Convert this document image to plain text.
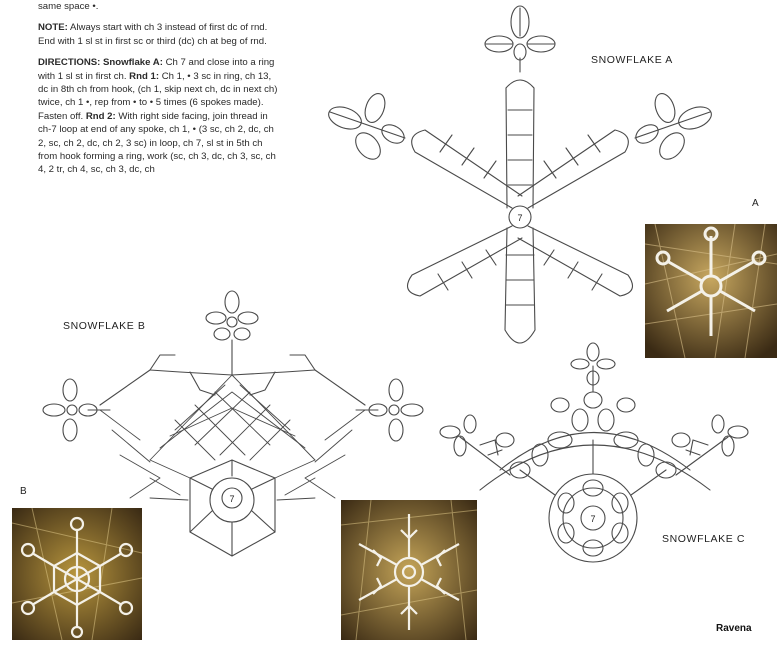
same space •.

NOTE: Always start with ch 3 instead of first dc of rnd. End with 1 sl st in first sc or third (dc) ch at beg of rnd.

DIRECTIONS: Snowflake A: Ch 7 and close into a ring with 1 sl st in first ch. Rnd 1: Ch 1, • 3 sc in ring, ch 13, dc in 8th ch from hook, (ch 1, skip next ch, dc in next ch) twice, ch 1 •, rep from • to • 5 times (6 spokes made). Fasten off. Rnd 2: With right side facing, join thread in ch-7 loop at end of any spoke, ch 1, • (3 sc, ch 2, dc, ch 2, sc, ch 2, dc, ch 2, 3 sc) in loop, ch 7, sl st in 5th ch from hook forming a ring, work (sc, ch 3, dc, ch 3, sc, ch 4, 2 tr, ch 4, sc, ch 3, dc, ch

SNOWFLAKE A
SNOWFLAKE B
SNOWFLAKE C
A
B
Ravena
7
7
7
